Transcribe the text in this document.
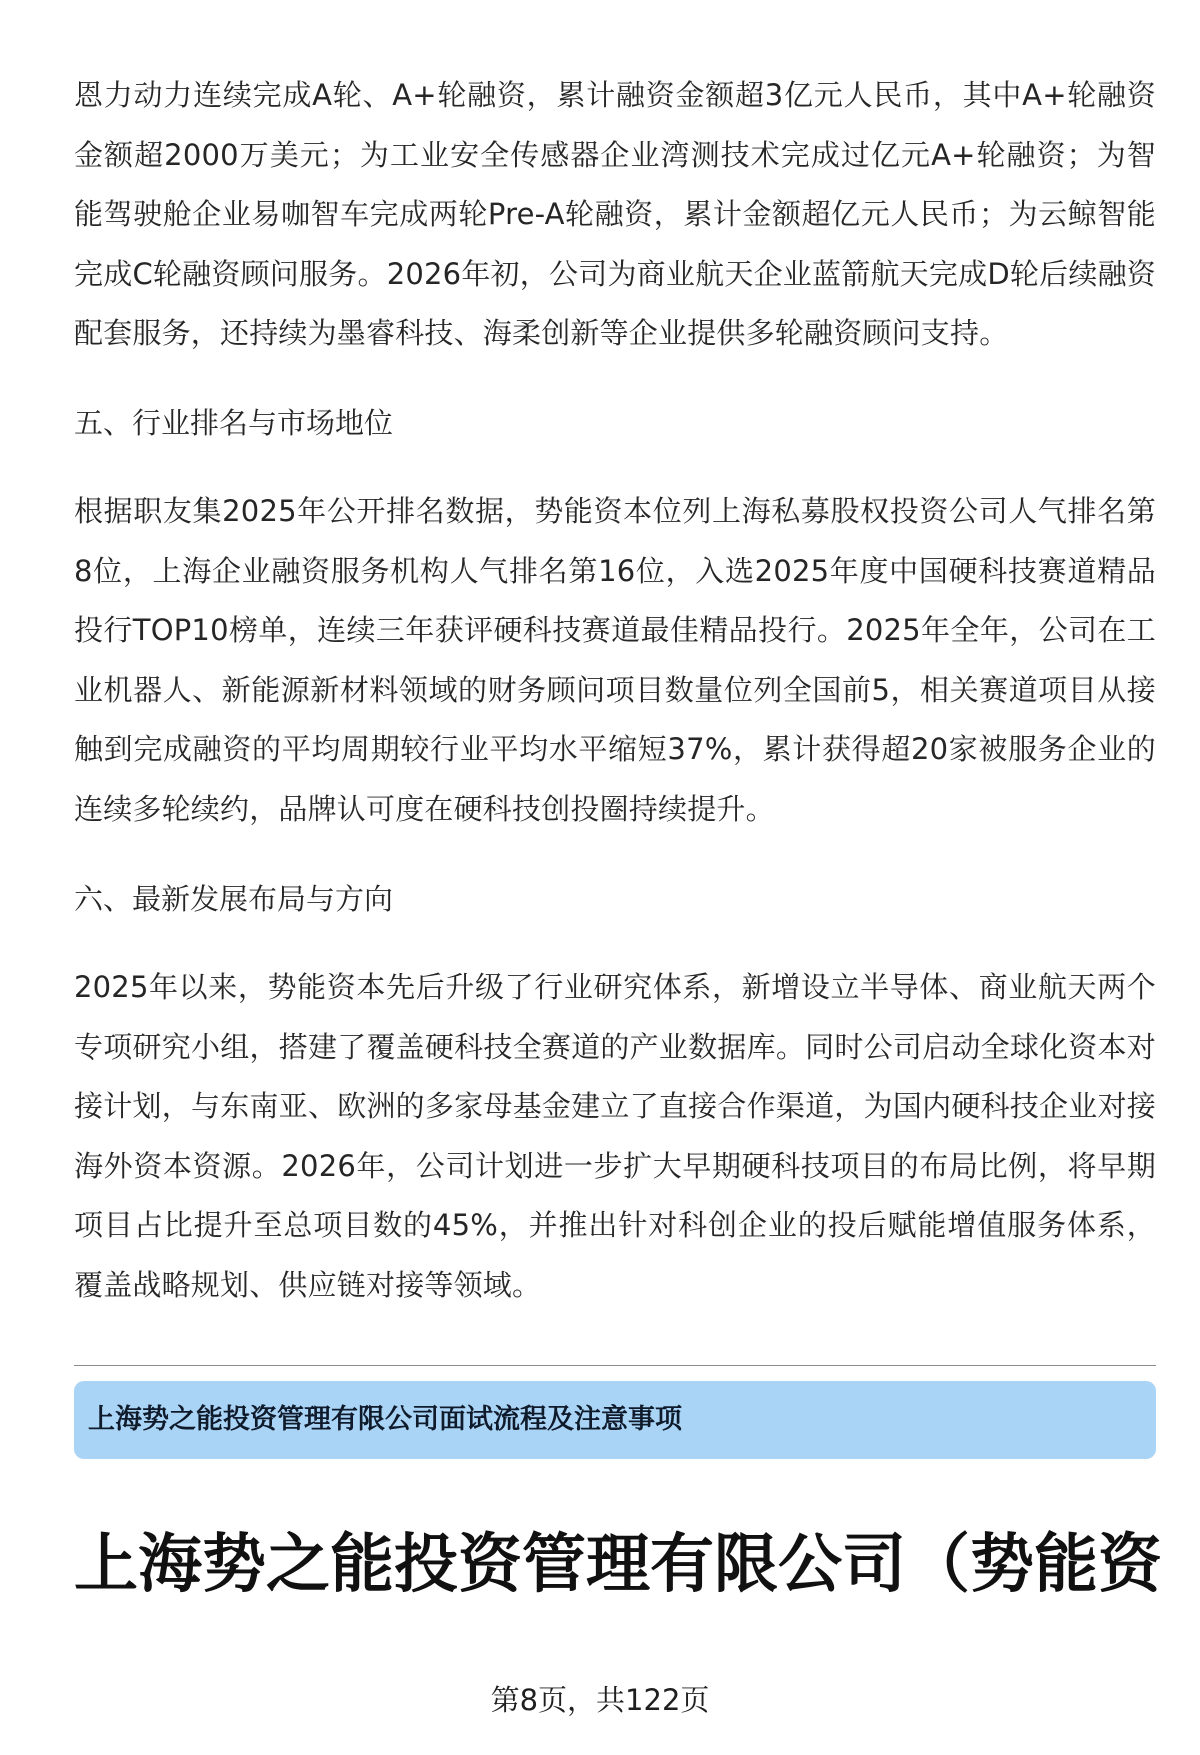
恩力动力连续完成A轮、A+轮融资，累计融资金额超3亿元人民币，其中A+轮融资金额超2000万美元；为工业安全传感器企业湾测技术完成过亿元A+轮融资；为智能驾驶舱企业易咖智车完成两轮Pre-A轮融资，累计金额超亿元人民币；为云鲸智能完成C轮融资顾问服务。2026年初，公司为商业航天企业蓝箭航天完成D轮后续融资配套服务，还持续为墨睿科技、海柔创新等企业提供多轮融资顾问支持。

五、行业排名与市场地位

根据职友集2025年公开排名数据，势能资本位列上海私募股权投资公司人气排名第8位，上海企业融资服务机构人气排名第16位，入选2025年度中国硬科技赛道精品投行TOP10榜单，连续三年获评硬科技赛道最佳精品投行。2025年全年，公司在工业机器人、新能源新材料领域的财务顾问项目数量位列全国前5，相关赛道项目从接触到完成融资的平均周期较行业平均水平缩短37%，累计获得超20家被服务企业的连续多轮续约，品牌认可度在硬科技创投圈持续提升。

六、最新发展布局与方向

2025年以来，势能资本先后升级了行业研究体系，新增设立半导体、商业航天两个专项研究小组，搭建了覆盖硬科技全赛道的产业数据库。同时公司启动全球化资本对接计划，与东南亚、欧洲的多家母基金建立了直接合作渠道，为国内硬科技企业对接海外资本资源。2026年，公司计划进一步扩大早期硬科技项目的布局比例，将早期项目占比提升至总项目数的45%，并推出针对科创企业的投后赋能增值服务体系，覆盖战略规划、供应链对接等领域。

上海势之能投资管理有限公司面试流程及注意事项
上海势之能投资管理有限公司（势能资
第8页，共122页
